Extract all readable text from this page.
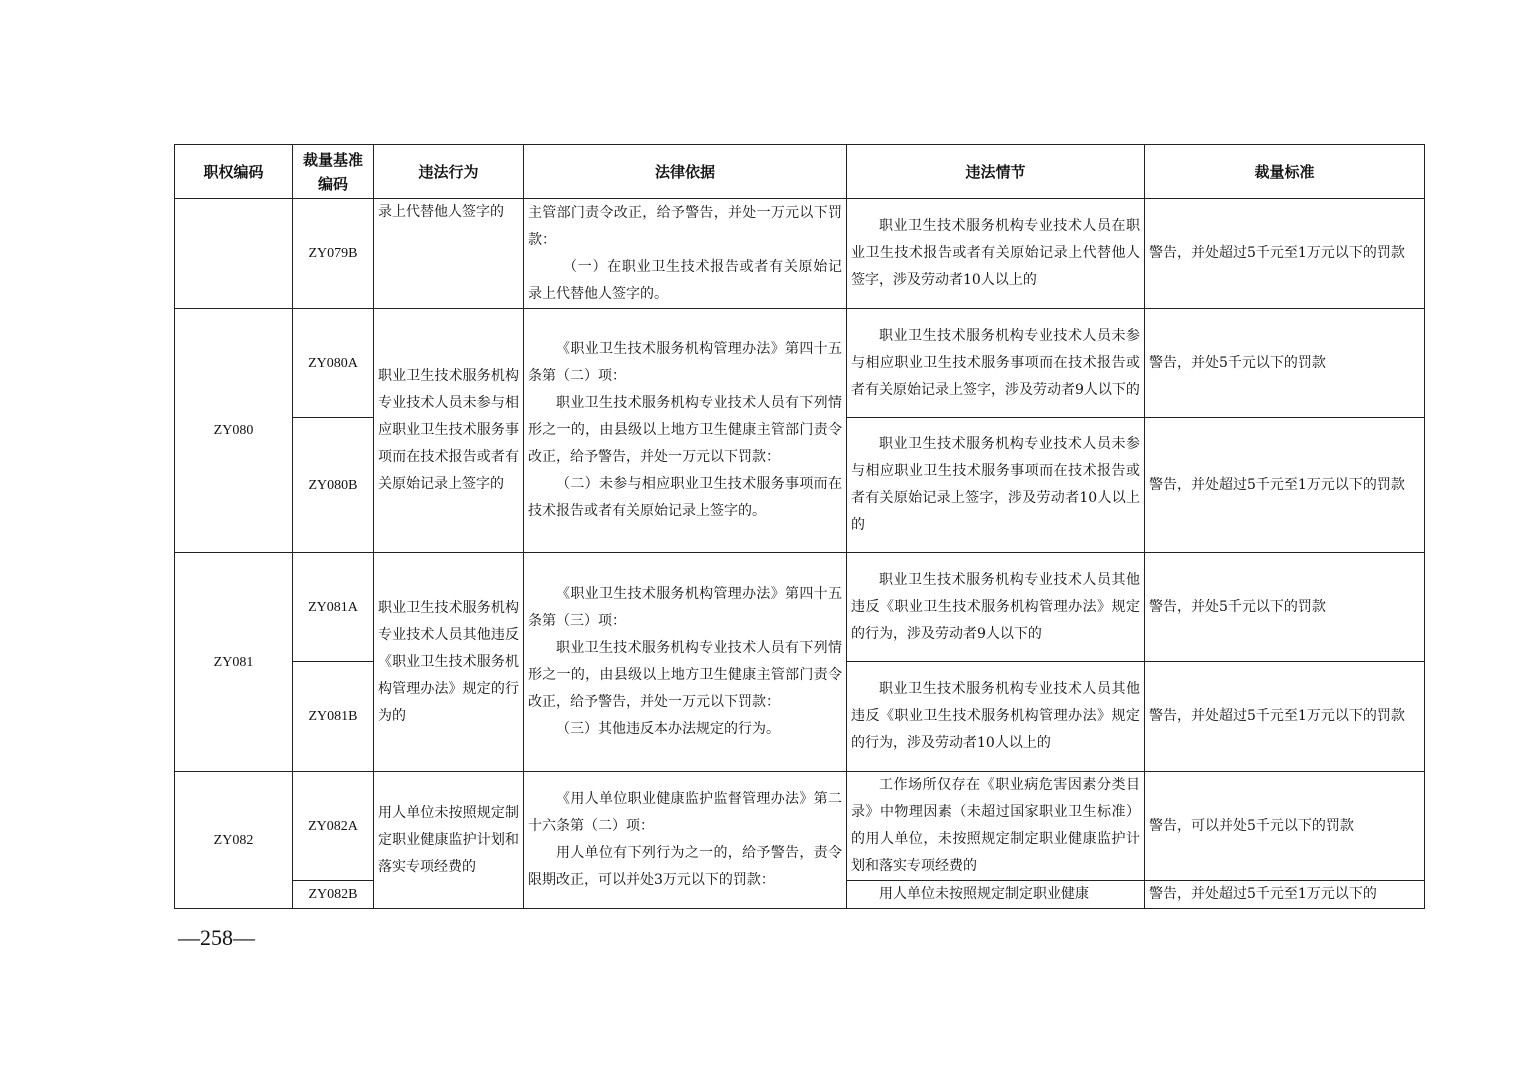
职权编码	裁量基准编码	违法行为	法律依据	违法情节	裁量标准
	ZY079B	录上代替他人签字的	主管部门责令改正，给予警告，并处一万元以下罚款：

（一）在职业卫生技术报告或者有关原始记录上代替他人签字的。	职业卫生技术服务机构专业技术人员在职业卫生技术报告或者有关原始记录上代替他人签字，涉及劳动者10人以上的	警告，并处超过5千元至1万元以下的罚款
ZY080	ZY080A	职业卫生技术服务机构专业技术人员未参与相应职业卫生技术服务事项而在技术报告或者有关原始记录上签字的	《职业卫生技术服务机构管理办法》第四十五条第（二）项：

职业卫生技术服务机构专业技术人员有下列情形之一的，由县级以上地方卫生健康主管部门责令改正，给予警告，并处一万元以下罚款：

（二）未参与相应职业卫生技术服务事项而在技术报告或者有关原始记录上签字的。	职业卫生技术服务机构专业技术人员未参与相应职业卫生技术服务事项而在技术报告或者有关原始记录上签字，涉及劳动者9人以下的	警告，并处5千元以下的罚款
	ZY080B			职业卫生技术服务机构专业技术人员未参与相应职业卫生技术服务事项而在技术报告或者有关原始记录上签字，涉及劳动者10人以上的	警告，并处超过5千元至1万元以下的罚款
ZY081	ZY081A	职业卫生技术服务机构专业技术人员其他违反《职业卫生技术服务机构管理办法》规定的行为的	《职业卫生技术服务机构管理办法》第四十五条第（三）项：

职业卫生技术服务机构专业技术人员有下列情形之一的，由县级以上地方卫生健康主管部门责令改正，给予警告，并处一万元以下罚款：

（三）其他违反本办法规定的行为。	职业卫生技术服务机构专业技术人员其他违反《职业卫生技术服务机构管理办法》规定的行为，涉及劳动者9人以下的	警告，并处5千元以下的罚款
	ZY081B			职业卫生技术服务机构专业技术人员其他违反《职业卫生技术服务机构管理办法》规定的行为，涉及劳动者10人以上的	警告，并处超过5千元至1万元以下的罚款
ZY082	ZY082A	用人单位未按照规定制定职业健康监护计划和落实专项经费的	《用人单位职业健康监护监督管理办法》第二十六条第（二）项：

用人单位有下列行为之一的，给予警告，责令限期改正，可以并处3万元以下的罚款：	工作场所仅存在《职业病危害因素分类目录》中物理因素（未超过国家职业卫生标准）的用人单位，未按照规定制定职业健康监护计划和落实专项经费的	警告，可以并处5千元以下的罚款
	ZY082B			用人单位未按照规定制定职业健康	警告，并处超过5千元至1万元以下的
—258—
